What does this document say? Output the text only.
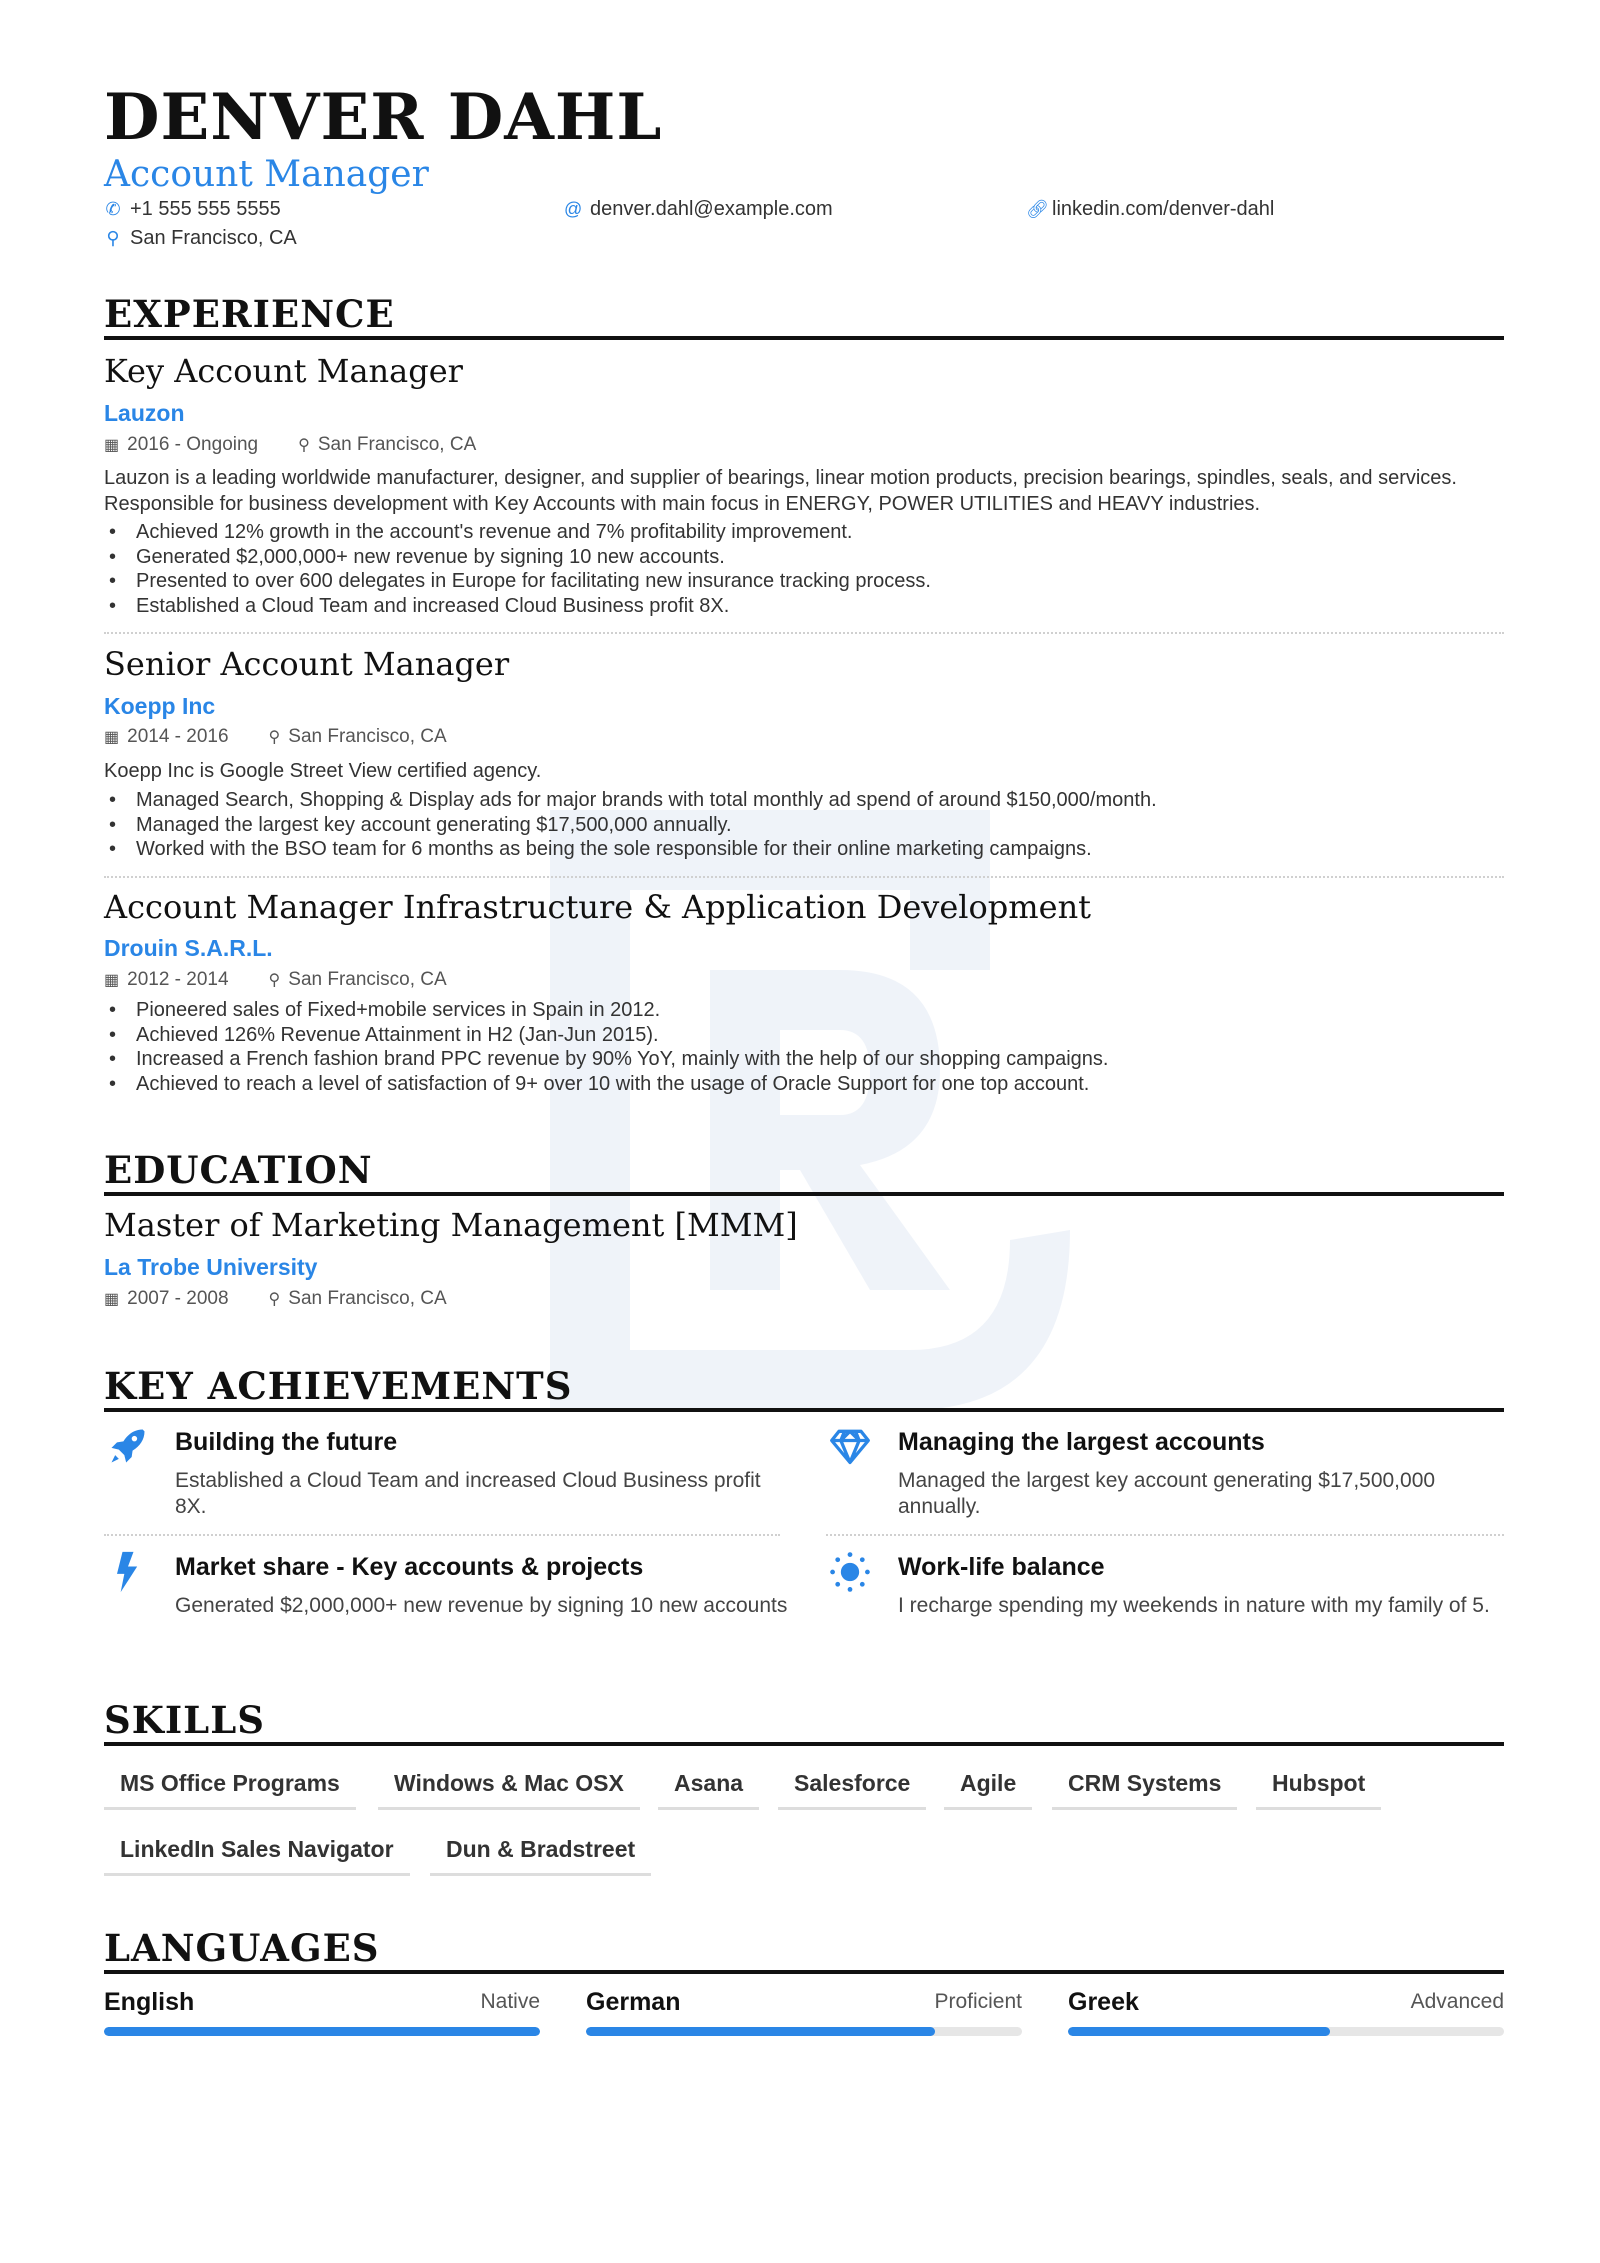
DENVER DAHL
Account Manager
✆ +1 555 555 5555	@ denver.dahl@example.com	🔗︎ linkedin.com/denver-dahl
⚲ San Francisco, CA
EXPERIENCE
Key Account Manager
Lauzon
▦ 2016 - Ongoing	⚲ San Francisco, CA
Lauzon is a leading worldwide manufacturer, designer, and supplier of bearings, linear motion products, precision bearings, spindles, seals, and services. Responsible for business development with Key Accounts with main focus in ENERGY, POWER UTILITIES and HEAVY industries.
• Achieved 12% growth in the account's revenue and 7% profitability improvement.
• Generated $2,000,000+ new revenue by signing 10 new accounts.
• Presented to over 600 delegates in Europe for facilitating new insurance tracking process.
• Established a Cloud Team and increased Cloud Business profit 8X.
Senior Account Manager
Koepp Inc
▦ 2014 - 2016	⚲ San Francisco, CA
Koepp Inc is Google Street View certified agency.
• Managed Search, Shopping & Display ads for major brands with total monthly ad spend of around $150,000/month.
• Managed the largest key account generating $17,500,000 annually.
• Worked with the BSO team for 6 months as being the sole responsible for their online marketing campaigns.
Account Manager Infrastructure & Application Development
Drouin S.A.R.L.
▦ 2012 - 2014	⚲ San Francisco, CA
• Pioneered sales of Fixed+mobile services in Spain in 2012.
• Achieved 126% Revenue Attainment in H2 (Jan-Jun 2015).
• Increased a French fashion brand PPC revenue by 90% YoY, mainly with the help of our shopping campaigns.
• Achieved to reach a level of satisfaction of 9+ over 10 with the usage of Oracle Support for one top account.
EDUCATION
Master of Marketing Management [MMM]
La Trobe University
▦ 2007 - 2008	⚲ San Francisco, CA
KEY ACHIEVEMENTS
Building the future
Established a Cloud Team and increased Cloud Business profit 8X.
Managing the largest accounts
Managed the largest key account generating $17,500,000 annually.
Market share - Key accounts & projects
Generated $2,000,000+ new revenue by signing 10 new accounts
Work-life balance
I recharge spending my weekends in nature with my family of 5.
SKILLS
MS Office Programs	Windows & Mac OSX	Asana	Salesforce	Agile	CRM Systems	Hubspot
LinkedIn Sales Navigator	Dun & Bradstreet
LANGUAGES
English	Native German	Proficient Greek	Advanced
